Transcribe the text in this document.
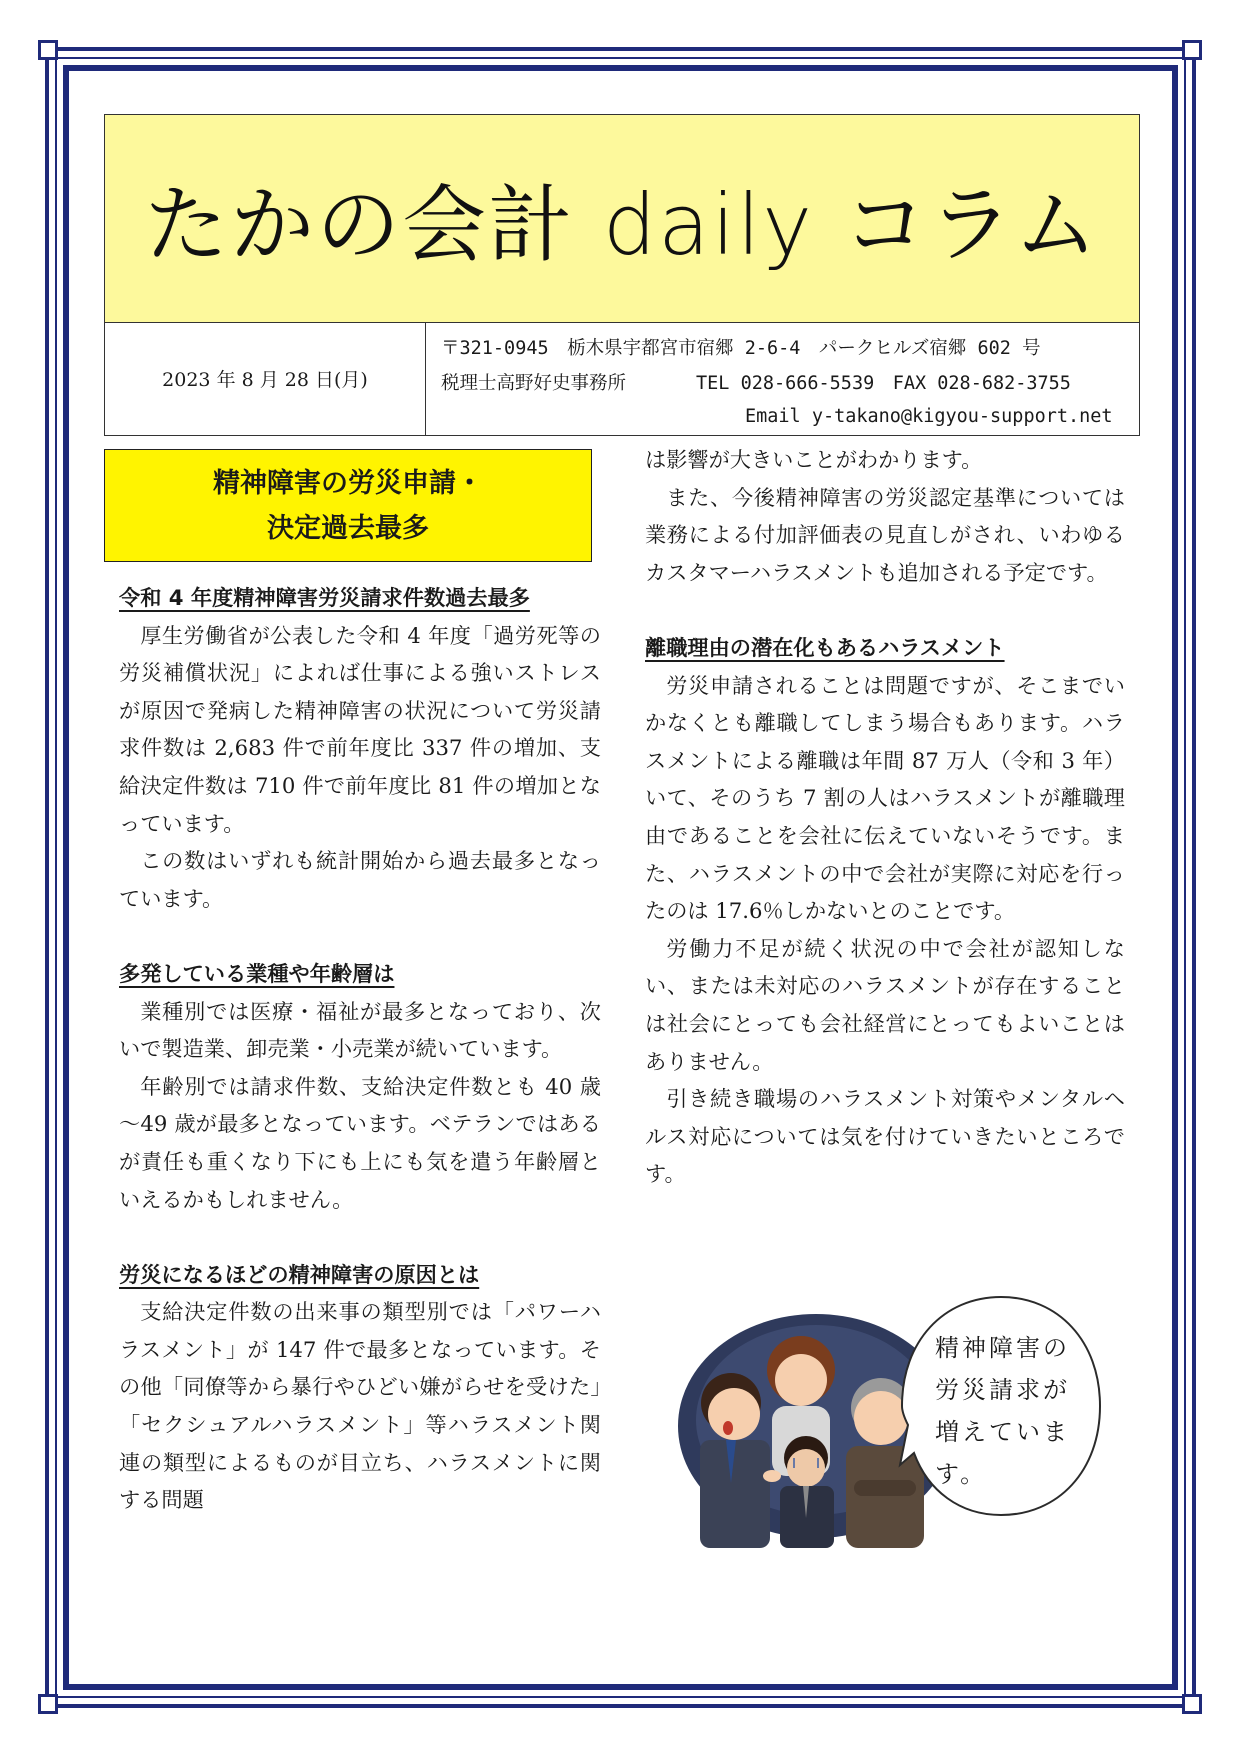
たかの会計 daily コラム
2023 年 8 月 28 日(月)
〒321-0945　栃木県宇都宮市宿郷 2-6-4　パークヒルズ宿郷 602 号
税理士高野好史事務所	TEL 028-666-5539　FAX 028-682-3755
Email y-takano@kigyou-support.net
精神障害の労災申請・
決定過去最多
令和 4 年度精神障害労災請求件数過去最多

厚生労働省が公表した令和 4 年度「過労死等の労災補償状況」によれば仕事による強いストレスが原因で発病した精神障害の状況について労災請求件数は 2,683 件で前年度比 337 件の増加、支給決定件数は 710 件で前年度比 81 件の増加となっています。

この数はいずれも統計開始から過去最多となっています。

多発している業種や年齢層は

業種別では医療・福祉が最多となっており、次いで製造業、卸売業・小売業が続いています。

年齢別では請求件数、支給決定件数とも 40 歳～49 歳が最多となっています。ベテランではあるが責任も重くなり下にも上にも気を遣う年齢層といえるかもしれません。

労災になるほどの精神障害の原因とは

支給決定件数の出来事の類型別では「パワーハラスメント」が 147 件で最多となっています。その他「同僚等から暴行やひどい嫌がらせを受けた」「セクシュアルハラスメント」等ハラスメント関連の類型によるものが目立ち、ハラスメントに関する問題

は影響が大きいことがわかります。

また、今後精神障害の労災認定基準については業務による付加評価表の見直しがされ、いわゆるカスタマーハラスメントも追加される予定です。

離職理由の潜在化もあるハラスメント

労災申請されることは問題ですが、そこまでいかなくとも離職してしまう場合もあります。ハラスメントによる離職は年間 87 万人（令和 3 年）いて、そのうち 7 割の人はハラスメントが離職理由であることを会社に伝えていないそうです。また、ハラスメントの中で会社が実際に対応を行ったのは 17.6％しかないとのことです。

労働力不足が続く状況の中で会社が認知しない、または未対応のハラスメントが存在することは社会にとっても会社経営にとってもよいことはありません。

引き続き職場のハラスメント対策やメンタルヘルス対応については気を付けていきたいところです。

精神障害の
労災請求が
増えていま
す。
